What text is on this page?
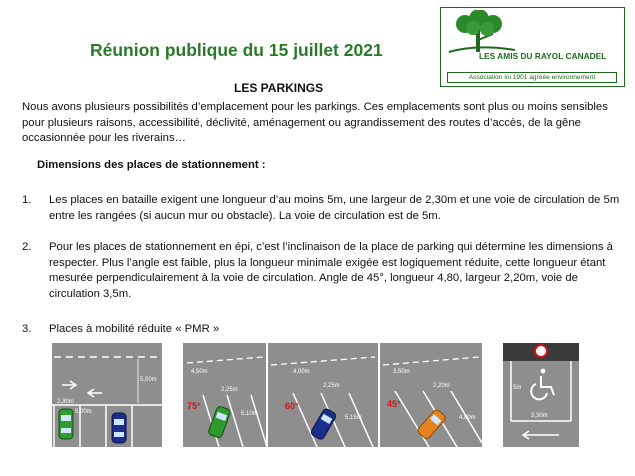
Réunion publique du 15 juillet 2021	LES AMIS DU RAYOL CANADEL
Association loi 1901 agréée environnement
LES PARKINGS
Nous avons plusieurs possibilités d’emplacement pour les parkings. Ces emplacements sont plus ou moins sensibles pour plusieurs raisons, accessibilité, déclivité, aménagement ou agrandissement des routes d’accès, de la gêne occasionnée pour les riverains…
Dimensions des places de stationnement :
1. Les places en bataille exigent une longueur d’au moins 5m, une largeur de 2,30m et une voie de circulation de 5m entre les rangées (si aucun mur ou obstacle). La voie de circulation est de 5m.
2. Pour les places de stationnement en épi, c’est l’inclinaison de la place de parking qui détermine les dimensions à respecter. Plus l’angle est faible, plus la longueur minimale exigée est logiquement réduite, cette longueur étant mesurée perpendiculairement à la voie de circulation. Angle de 45°, longueur 4,80, largeur 2,20m, voie de circulation 3,5m.
3. Places à mobilité réduite « PMR »
5,00m
2,30m
5,00m
4,50m	4,00m	3,50m
2,25m
2,25m	2,20m
5,10m
5,15m	4,80m
75°	60°	45°
3,30m
5m
